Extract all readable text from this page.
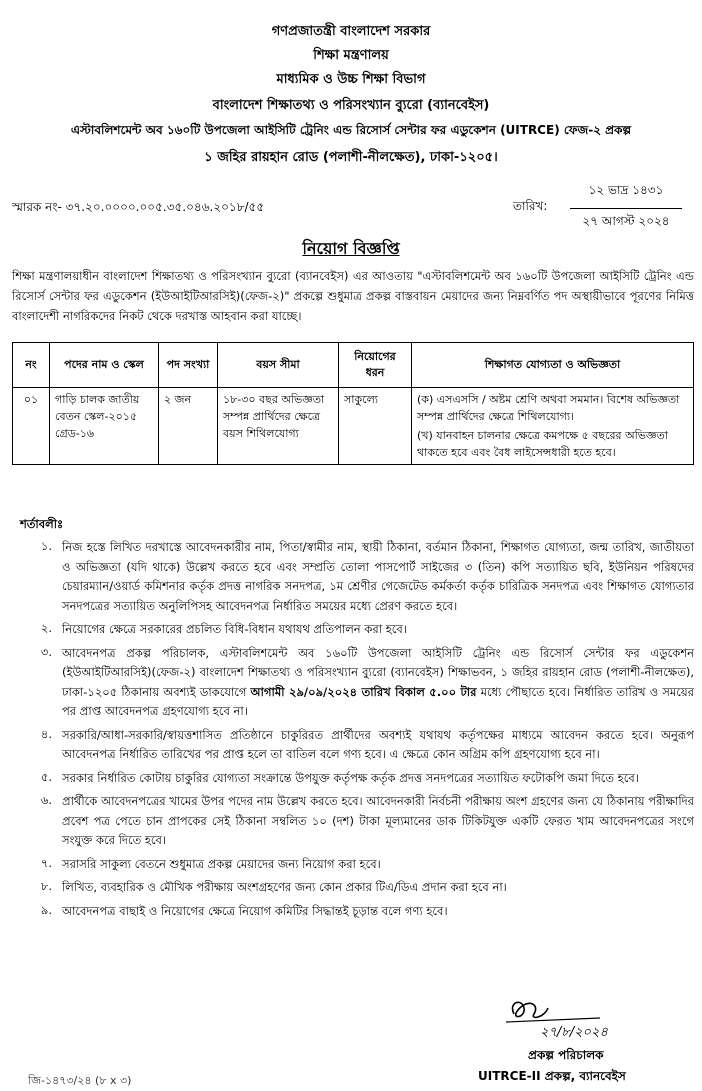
গণপ্রজাতন্ত্রী বাংলাদেশ সরকার
শিক্ষা মন্ত্রণালয়
মাধ্যমিক ও উচ্চ শিক্ষা বিভাগ
বাংলাদেশ শিক্ষাতথ্য ও পরিসংখ্যান ব্যুরো (ব্যানবেইস)
এস্টাবলিশমেন্ট অব ১৬০টি উপজেলা আইসিটি ট্রেনিং এন্ড রিসোর্স সেন্টার ফর এডুকেশন (UITRCE) ফেজ-২ প্রকল্প
১ জহির রায়হান রোড (পলাশী-নীলক্ষেত), ঢাকা-১২০৫।
স্মারক নং- ৩৭.২০.০০০০.০০৫.৩৫.০৪৬.২০১৮/৫৫	তারিখ:
১২ ভাদ্র ১৪৩১
২৭ আগস্ট ২০২৪
নিয়োগ বিজ্ঞপ্তি
শিক্ষা মন্ত্রণালয়াধীন বাংলাদেশ শিক্ষাতথ্য ও পরিসংখ্যান ব্যুরো (ব্যানবেইস) এর আওতায় "এস্টাবলিশমেন্ট অব ১৬০টি উপজেলা আইসিটি ট্রেনিং এন্ড রিসোর্স সেন্টার ফর এডুকেশন (ইউআইটিআরসিই)(ফেজ-২)" প্রকল্পে শুধুমাত্র প্রকল্প বাস্তবায়ন মেয়াদের জন্য নিম্নবর্ণিত পদ অস্থায়ীভাবে পূরণের নিমিত্ত বাংলাদেশী নাগরিকদের নিকট থেকে দরখাস্ত আহবান করা যাচ্ছে।
নং	পদের নাম ও স্কেল	পদ সংখ্যা	বয়স সীমা	নিয়োগের ধরন	শিক্ষাগত যোগ্যতা ও অভিজ্ঞতা
০১	গাড়ি চালক জাতীয় বেতন স্কেল-২০১৫ গ্রেড-১৬	২ জন	১৮-৩০ বছর অভিজ্ঞতা সম্পন্ন প্রার্থিদের ক্ষেত্রে বয়স শিথিলযোগ্য	সাকুল্যে	(ক) এসএসসি / অষ্টম শ্রেণি অথবা সমমান। বিশেষ অভিজ্ঞতা সম্পন্ন প্রার্থিদের ক্ষেত্রে শিথিলযোগ্য।
(খ) যানবাহন চালনার ক্ষেত্রে কমপক্ষে ৫ বছরের অভিজ্ঞতা থাকতে হবে এবং বৈধ লাইসেন্সধারী হতে হবে।
শর্তাবলীঃ
১. নিজ হস্তে লিখিত দরখাস্তে আবেদনকারীর নাম, পিতা/স্বামীর নাম, স্থায়ী ঠিকানা, বর্তমান ঠিকানা, শিক্ষাগত যোগ্যতা, জন্ম তারিখ, জাতীয়তা ও অভিজ্ঞতা (যদি থাকে) উল্লেখ করতে হবে এবং সম্প্রতি তোলা পাসপোর্ট সাইজের ৩ (তিন) কপি সত্যায়িত ছবি, ইউনিয়ন পরিষদের চেয়ারম্যান/ওয়ার্ড কমিশনার কর্তৃক প্রদত্ত নাগরিক সনদপত্র, ১ম শ্রেণীর গেজেটেড কর্মকর্তা কর্তৃক চারিত্রিক সনদপত্র এবং শিক্ষাগত যোগ্যতার সনদপত্রের সত্যায়িত অনুলিপিসহ আবেদনপত্র নির্ধারিত সময়ের মধ্যে প্রেরণ করতে হবে।
২. নিয়োগের ক্ষেত্রে সরকারের প্রচলিত বিধি-বিধান যথাযথ প্রতিপালন করা হবে।
৩. আবেদনপত্র প্রকল্প পরিচালক, এস্টাবলিশমেন্ট অব ১৬০টি উপজেলা আইসিটি ট্রেনিং এন্ড রিসোর্স সেন্টার ফর এডুকেশন (ইউআইটিআরসিই)(ফেজ-২) বাংলাদেশ শিক্ষাতথ্য ও পরিসংখ্যান ব্যুরো (ব্যানবেইস) শিক্ষাভবন, ১ জহির রায়হান রোড (পলাশী-নীলক্ষেত), ঢাকা-১২০৫ ঠিকানায় অবশ্যই ডাকযোগে আগামী ২৯/০৯/২০২৪ তারিখ বিকাল ৫.০০ টার মধ্যে পৌছাতে হবে। নির্ধারিত তারিখ ও সময়ের পর প্রাপ্ত আবেদনপত্র গ্রহণযোগ্য হবে না।
৪. সরকারি/আধা-সরকারি/স্বায়ত্তশাসিত প্রতিষ্ঠানে চাকুরিরত প্রার্থীদের অবশ্যই যথাযথ কর্তৃপক্ষের মাধ্যমে আবেদন করতে হবে। অনুরূপ আবেদনপত্র নির্ধারিত তারিখের পর প্রাপ্ত হলে তা বাতিল বলে গণ্য হবে। এ ক্ষেত্রে কোন অগ্রিম কপি গ্রহণযোগ্য হবে না।
৫. সরকার নির্ধারিত কোটায় চাকুরির যোগ্যতা সংক্রান্তে উপযুক্ত কর্তৃপক্ষ কর্তৃক প্রদত্ত সনদপত্রের সত্যায়িত ফটোকপি জমা দিতে হবে।
৬. প্রার্থীকে আবেদনপত্রের খামের উপর পদের নাম উল্লেখ করতে হবে। আবেদনকারী নির্বচনী পরীক্ষায় অংশ গ্রহণের জন্য যে ঠিকানায় পরীক্ষাদির প্রবেশ পত্র পেতে চান প্রাপকের সেই ঠিকানা সম্বলিত ১০ (দশ) টাকা মূল্যমানের ডাক টিকিটযুক্ত একটি ফেরত খাম আবেদনপত্রের সংগে সংযুক্ত করে দিতে হবে।
৭. সরাসরি সাকুল্য বেতনে শুধুমাত্র প্রকল্প মেয়াদের জন্য নিয়োগ করা হবে।
৮. লিখিত, ব্যবহারিক ও মৌখিক পরীক্ষায় অংশগ্রহণের জন্য কোন প্রকার টিএ/ডিএ প্রদান করা হবে না।
৯. আবেদনপত্র বাছাই ও নিয়োগের ক্ষেত্রে নিয়োগ কমিটির সিদ্ধান্তই চূড়ান্ত বলে গণ্য হবে।
২৭/৮/২০২৪
প্রকল্প পরিচালক
UITRCE-II প্রকল্প, ব্যানবেইস
জি-১৪৭৩/২৪ (৮ x ৩)
